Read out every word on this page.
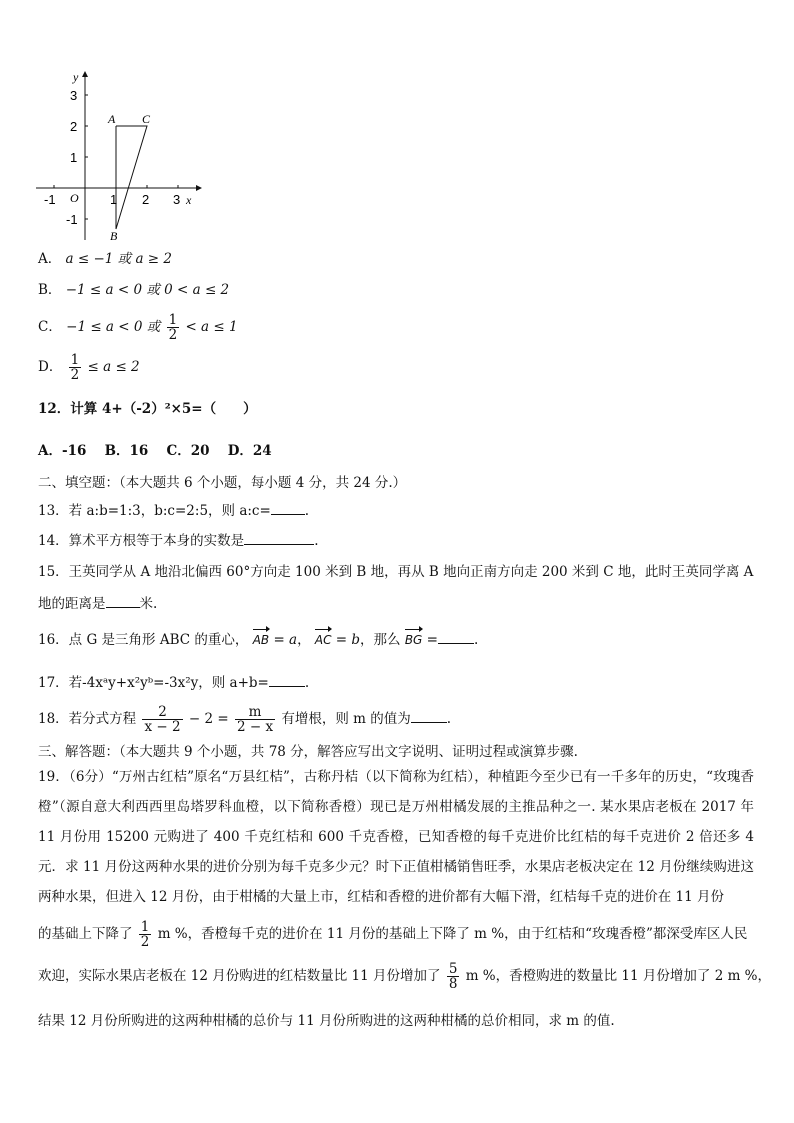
y
x
O
-1	1 2 3
3
2
1
-1
A C
B
A． a ≤ −1 或 a ≥ 2
B． −1 ≤ a < 0 或 0 < a ≤ 2
C． −1 ≤ a < 0 或 $\frac{1}{2} < a \le 1$
D． $\frac{1}{2} \le a \le 2$
12．计算 4+（-2）²×5=（　　）
A．-16　 B．16　 C．20　 D．24
二、填空题：（本大题共 6 个小题，每小题 4 分，共 24 分.）
13．若 a:b=1:3，b:c=2:5，则 a:c=	.
14．算术平方根等于本身的实数是	.
15．王英同学从 A 地沿北偏西 60°方向走 100 米到 B 地，再从 B 地向正南方向走 200 米到 C 地，此时王英同学离 A
地的距离是	米.
16．点 G 是三角形 ABC 的重心， AB = a， AC = b，那么 BG =	.
17．若-4xᵃy+x²yᵇ=-3x²y，则 a+b=	.
18．若分式方程 $\frac{2}{x - 2} - 2 = \frac{m}{2 - x}$ 有增根，则 m 的值为	.
三、解答题：（本大题共 9 个小题，共 78 分，解答应写出文字说明、证明过程或演算步骤.
19．（6分）“万州古红桔”原名“万县红桔”，古称丹桔（以下简称为红桔），种植距今至少已有一千多年的历史，“玫瑰香橙”（源自意大利西西里岛塔罗科血橙，以下简称香橙）现已是万州柑橘发展的主推品种之一. 某水果店老板在 2017 年 11 月份用 15200 元购进了 400 千克红桔和 600 千克香橙，已知香橙的每千克进价比红桔的每千克进价 2 倍还多 4 元．求 11 月份这两种水果的进价分别为每千克多少元？时下正值柑橘销售旺季，水果店老板决定在 12 月份继续购进这两种水果，但进入 12 月份，由于柑橘的大量上市，红桔和香橙的进价都有大幅下滑，红桔每千克的进价在 11 月份
的基础上下降了 $\frac{1}{2}$ m %，香橙每千克的进价在 11 月份的基础上下降了 m %，由于红桔和“玫瑰香橙”都深受库区人民
欢迎，实际水果店老板在 12 月份购进的红桔数量比 11 月份增加了 $\frac{5}{8}$ m %，香橙购进的数量比 11 月份增加了 2 m %，
结果 12 月份所购进的这两种柑橘的总价与 11 月份所购进的这两种柑橘的总价相同，求 m 的值.
